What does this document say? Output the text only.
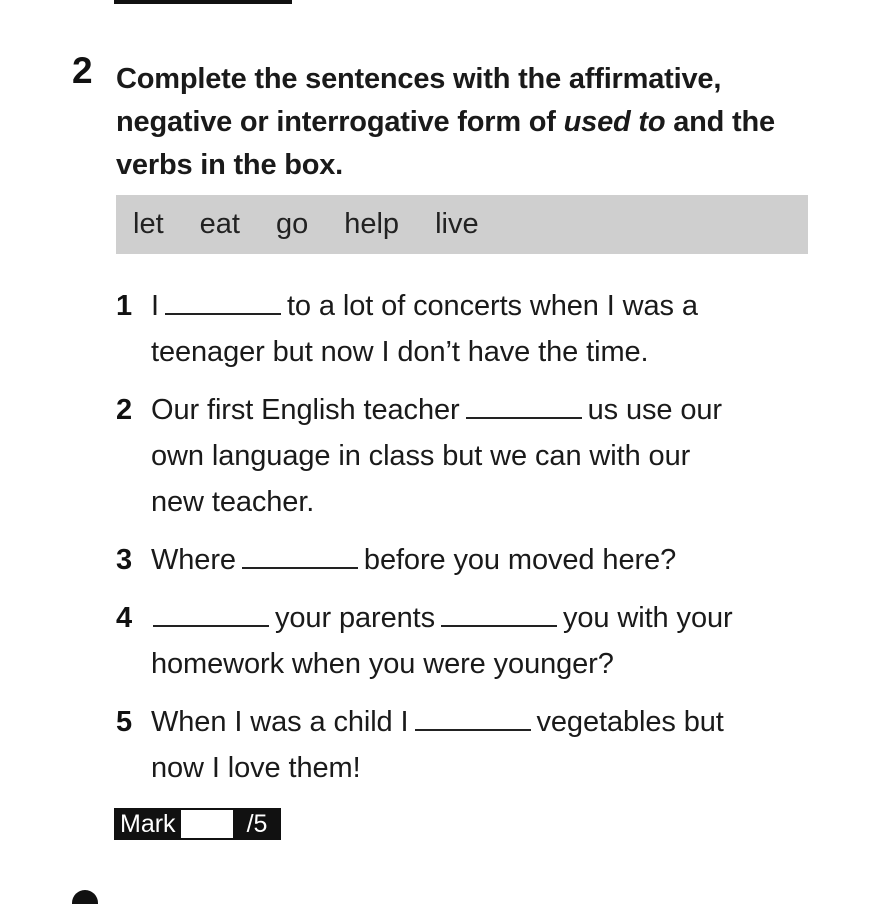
2 Complete the sentences with the affirmative,
negative or interrogative form of used to and the
verbs in the box.
let eat go help live
1 I	to a lot of concerts when I was a
teenager but now I don’t have the time.
2 Our first English teacher	us use our
own language in class but we can with our
new teacher.
3 Where	before you moved here?
4	your parents	you with your
homework when you were younger?
5 When I was a child I	vegetables but
now I love them!
Mark	/5
